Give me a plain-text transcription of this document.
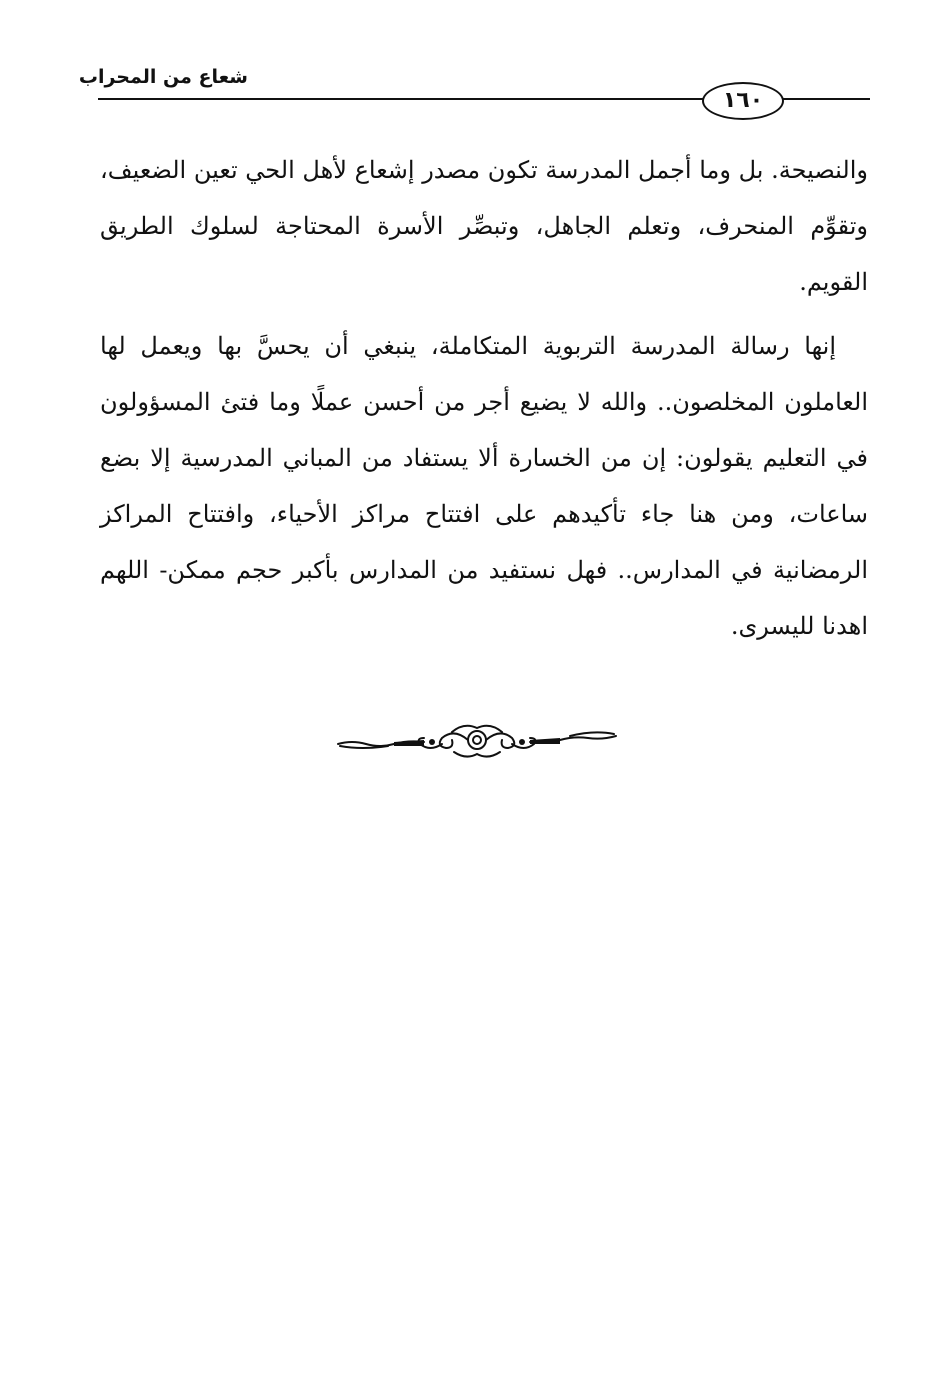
شعاع من المحراب
١٦٠

والنصيحة. بل وما أجمل المدرسة تكون مصدر إشعاع لأهل الحي تعين الضعيف، وتقوِّم المنحرف، وتعلم الجاهل، وتبصِّر الأسرة المحتاجة لسلوك الطريق القويم.

إنها رسالة المدرسة التربوية المتكاملة، ينبغي أن يحسَّ بها ويعمل لها العاملون المخلصون.. والله لا يضيع أجر من أحسن عملًا وما فتئ المسؤولون في التعليم يقولون: إن من الخسارة ألا يستفاد من المباني المدرسية إلا بضع ساعات، ومن هنا جاء تأكيدهم على افتتاح مراكز الأحياء، وافتتاح المراكز الرمضانية في المدارس.. فهل نستفيد من المدارس بأكبر حجم ممكن- اللهم اهدنا لليسرى.
